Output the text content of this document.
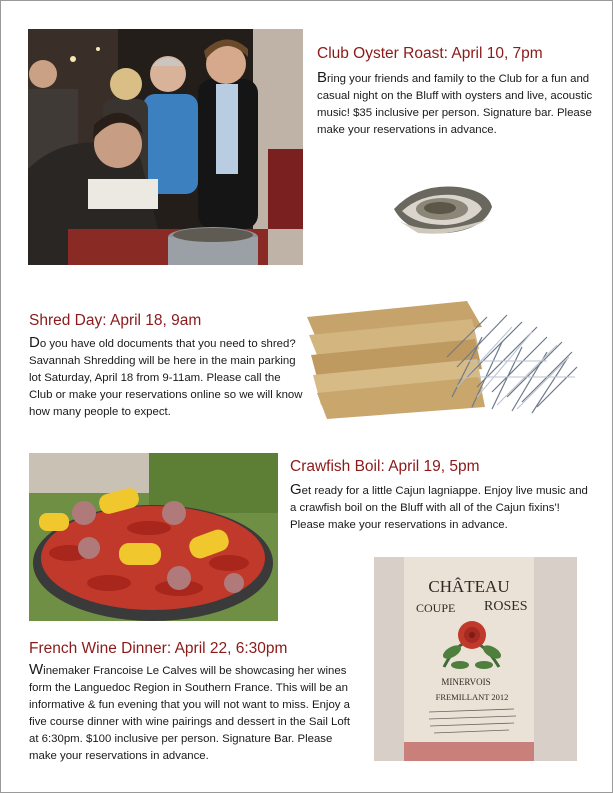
Club Oyster Roast: April 10, 7pm
Bring your friends and family to the Club for a fun and casual night on the Bluff with oysters and live, acoustic music! $35 inclusive per person. Signature bar. Please make your reservations in advance.
Shred Day: April 18, 9am
Do you have old documents that you need to shred? Savannah Shredding will be here in the main parking lot Saturday, April 18 from 9-11am. Please call the Club or make your reservations online so we will know how many people to expect.
Crawfish Boil: April 19, 5pm
Get ready for a little Cajun lagniappe. Enjoy live music and a crawfish boil on the Bluff with all of the Cajun fixins'! Please make your reservations in advance.
CHÂTEAU
COUPE ROSES
MINERVOIS
FREMILLANT 2012
French Wine Dinner: April 22, 6:30pm
Winemaker Francoise Le Calves will be showcasing her wines form the Languedoc Region in Southern France. This will be an informative & fun evening that you will not want to miss. Enjoy a five course dinner with wine pairings and dessert in the Sail Loft at 6:30pm. $100 inclusive per person. Signature Bar. Please make your reservations in advance.
